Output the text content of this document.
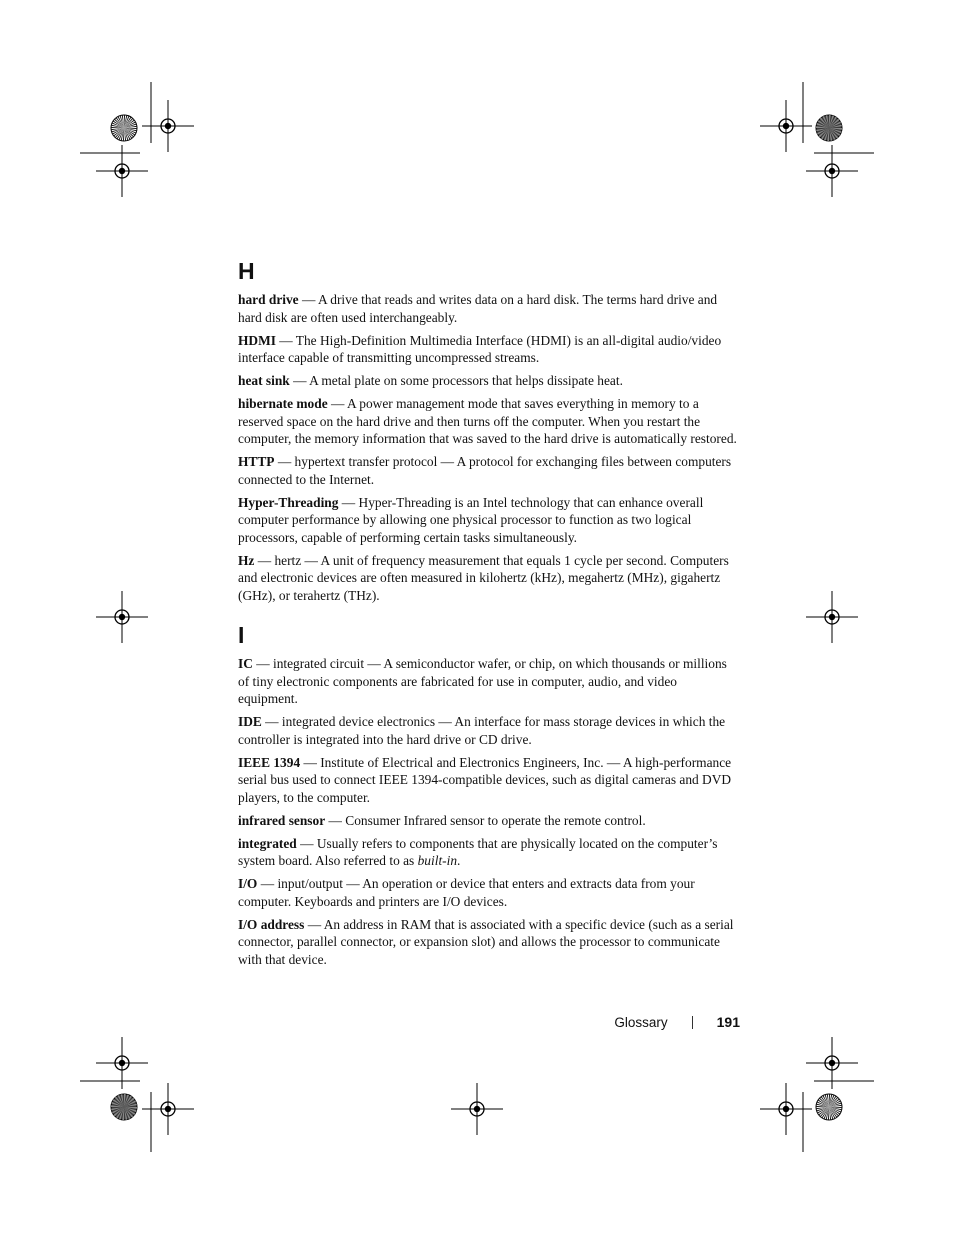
H

hard drive — A drive that reads and writes data on a hard disk. The terms hard drive and hard disk are often used interchangeably.

HDMI — The High-Definition Multimedia Interface (HDMI) is an all-digital audio/video interface capable of transmitting uncompressed streams.

heat sink — A metal plate on some processors that helps dissipate heat.

hibernate mode — A power management mode that saves everything in memory to a reserved space on the hard drive and then turns off the computer. When you restart the computer, the memory information that was saved to the hard drive is automatically restored.

HTTP — hypertext transfer protocol — A protocol for exchanging files between computers connected to the Internet.

Hyper-Threading — Hyper-Threading is an Intel technology that can enhance overall computer performance by allowing one physical processor to function as two logical processors, capable of performing certain tasks simultaneously.

Hz — hertz — A unit of frequency measurement that equals 1 cycle per second. Computers and electronic devices are often measured in kilohertz (kHz), megahertz (MHz), gigahertz (GHz), or terahertz (THz).

I

IC — integrated circuit — A semiconductor wafer, or chip, on which thousands or millions of tiny electronic components are fabricated for use in computer, audio, and video equipment.

IDE — integrated device electronics — An interface for mass storage devices in which the controller is integrated into the hard drive or CD drive.

IEEE 1394 — Institute of Electrical and Electronics Engineers, Inc. — A high-performance serial bus used to connect IEEE 1394-compatible devices, such as digital cameras and DVD players, to the computer.

infrared sensor — Consumer Infrared sensor to operate the remote control.

integrated — Usually refers to components that are physically located on the computer’s system board. Also referred to as built-in.

I/O — input/output — An operation or device that enters and extracts data from your computer. Keyboards and printers are I/O devices.

I/O address — An address in RAM that is associated with a specific device (such as a serial connector, parallel connector, or expansion slot) and allows the processor to communicate with that device.

Glossary	191
